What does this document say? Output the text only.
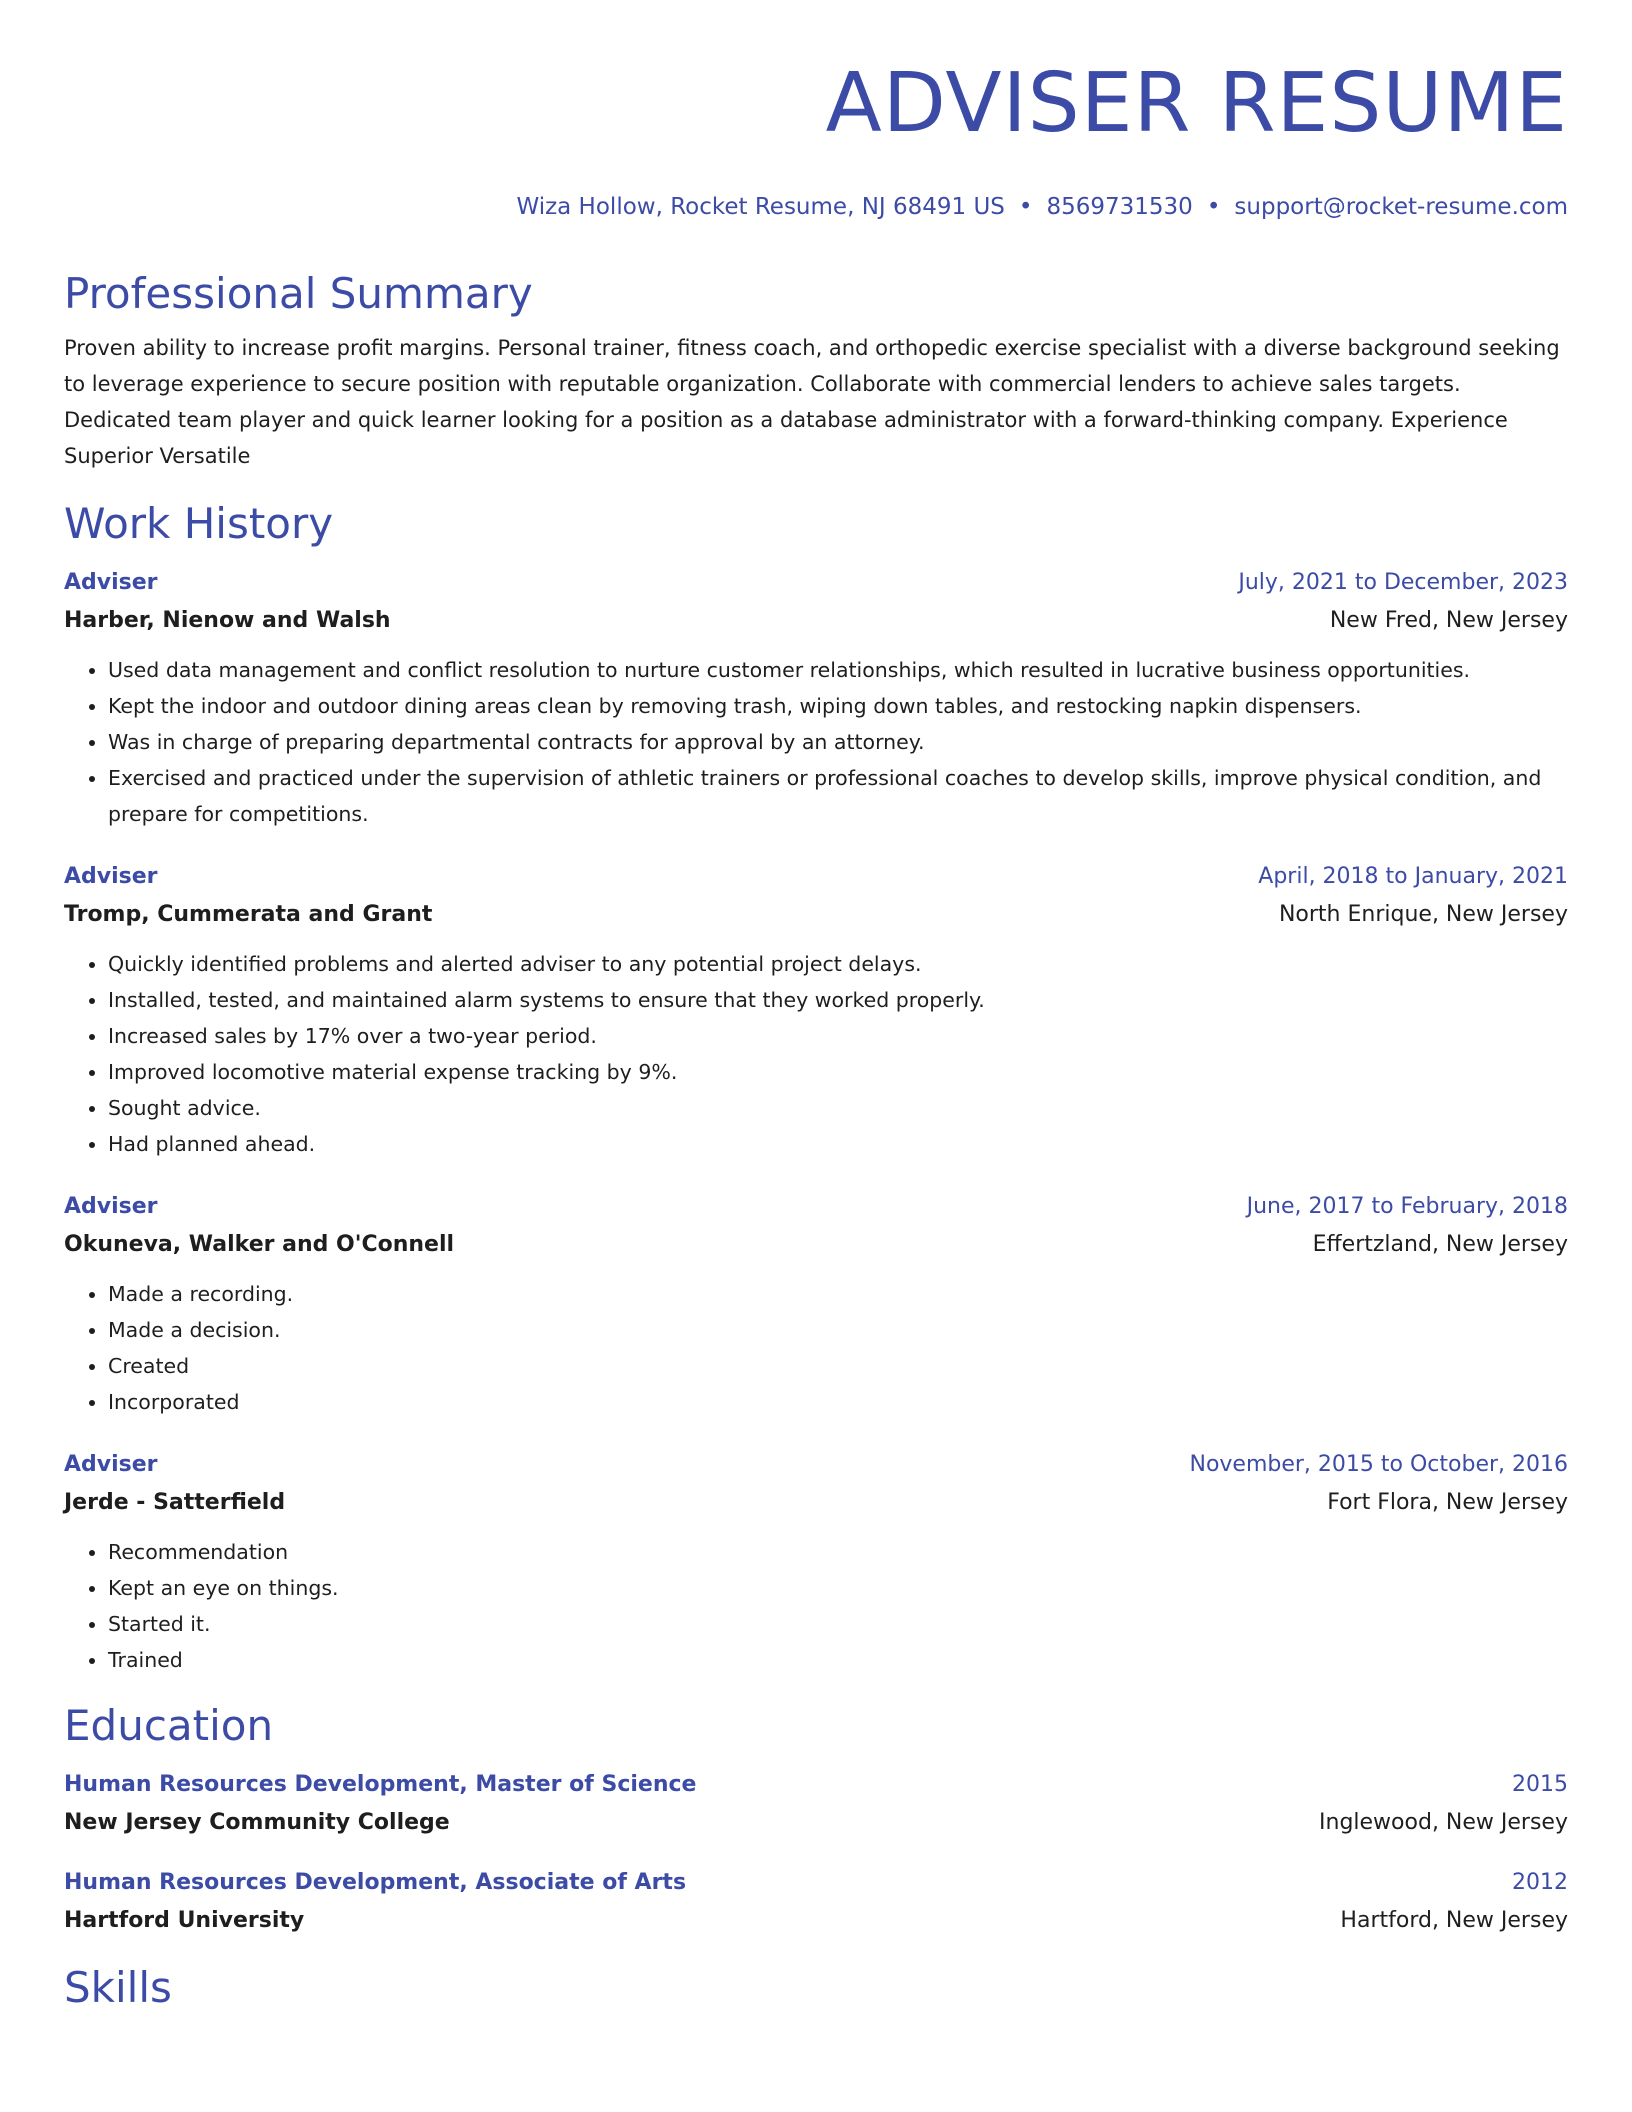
ADVISER RESUME
Wiza Hollow, Rocket Resume, NJ 68491 US • 8569731530 • support@rocket-resume.com
Professional Summary

Proven ability to increase profit margins. Personal trainer, fitness coach, and orthopedic exercise specialist with a diverse background seeking to leverage experience to secure position with reputable organization. Collaborate with commercial lenders to achieve sales targets. Dedicated team player and quick learner looking for a position as a database administrator with a forward-thinking company. Experience Superior Versatile

Work History
Adviser	July, 2021 to December, 2023
Harber, Nienow and Walsh	New Fred, New Jersey
• Used data management and conflict resolution to nurture customer relationships, which resulted in lucrative business opportunities.
• Kept the indoor and outdoor dining areas clean by removing trash, wiping down tables, and restocking napkin dispensers.
• Was in charge of preparing departmental contracts for approval by an attorney.
• Exercised and practiced under the supervision of athletic trainers or professional coaches to develop skills, improve physical condition, and prepare for competitions.
Adviser	April, 2018 to January, 2021
Tromp, Cummerata and Grant	North Enrique, New Jersey
• Quickly identified problems and alerted adviser to any potential project delays.
• Installed, tested, and maintained alarm systems to ensure that they worked properly.
• Increased sales by 17% over a two-year period.
• Improved locomotive material expense tracking by 9%.
• Sought advice.
• Had planned ahead.
Adviser	June, 2017 to February, 2018
Okuneva, Walker and O'Connell	Effertzland, New Jersey
• Made a recording.
• Made a decision.
• Created
• Incorporated
Adviser	November, 2015 to October, 2016
Jerde - Satterfield	Fort Flora, New Jersey
• Recommendation
• Kept an eye on things.
• Started it.
• Trained
Education
Human Resources Development, Master of Science	2015
New Jersey Community College	Inglewood, New Jersey
Human Resources Development, Associate of Arts	2012
Hartford University	Hartford, New Jersey
Skills
